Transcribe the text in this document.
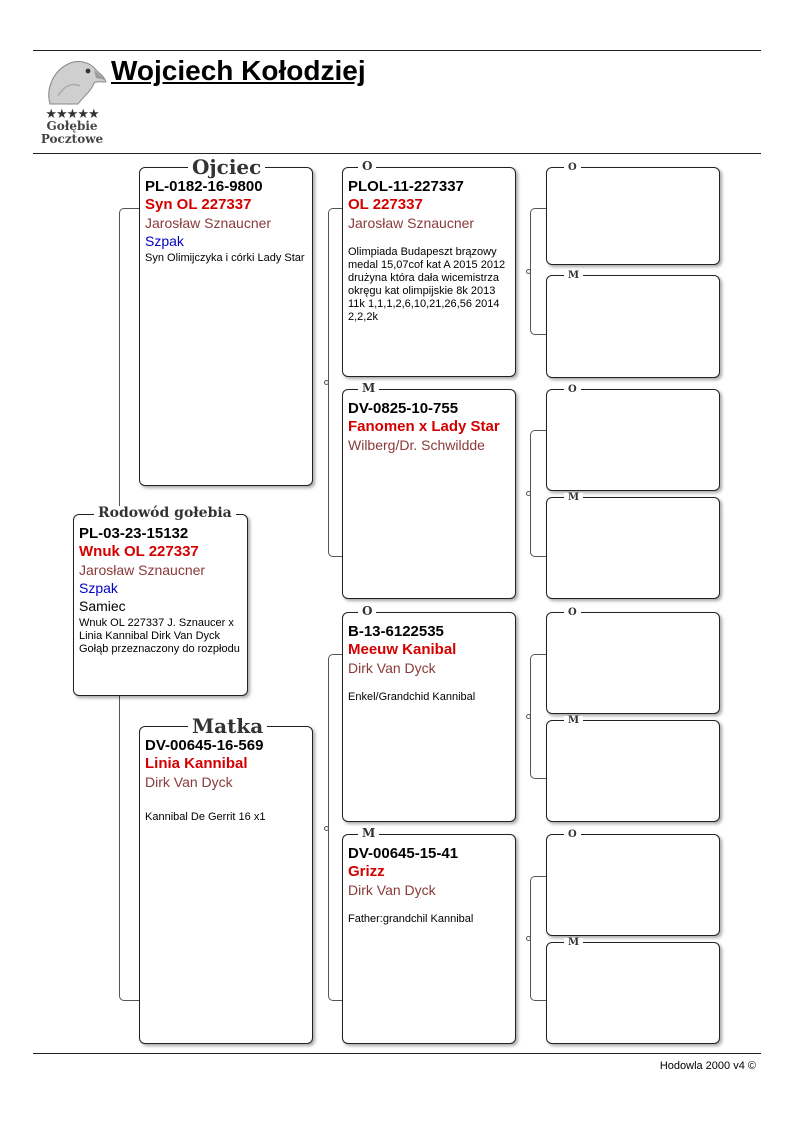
★★★★★
Gołębie
Pocztowe
Wojciech Kołodziej
PL-03-23-15132
Wnuk OL 227337
Jarosław Sznaucner
Szpak
Samiec
Wnuk OL 227337 J. Sznaucer x Linia Kannibal Dirk Van Dyck Gołąb przeznaczony do rozpłodu
Rodowód gołebia
PL-0182-16-9800
Syn OL 227337
Jarosław Sznaucner
Szpak
Syn Olimijczyka i córki Lady Star
Ojciec
DV-00645-16-569
Linia Kannibal
Dirk Van Dyck
Kannibal De Gerrit 16 x1
Matka
PLOL-11-227337
OL 227337
Jarosław Sznaucner
Olimpiada Budapeszt brązowy medal 15,07cof kat A 2015 2012 drużyna która dała wicemistrza okręgu kat olimpijskie 8k 2013 11k 1,1,1,2,6,10,21,26,56 2014 2,2,2k
O
DV-0825-10-755
Fanomen x Lady Star
Wilberg/Dr. Schwildde
M
B-13-6122535
Meeuw Kanibal
Dirk Van Dyck
Enkel/Grandchid Kannibal
O
DV-00645-15-41
Grizz
Dirk Van Dyck
Father:grandchil Kannibal
M
O
M
O
M
O
M
O
M
Hodowla 2000 v4 ©
